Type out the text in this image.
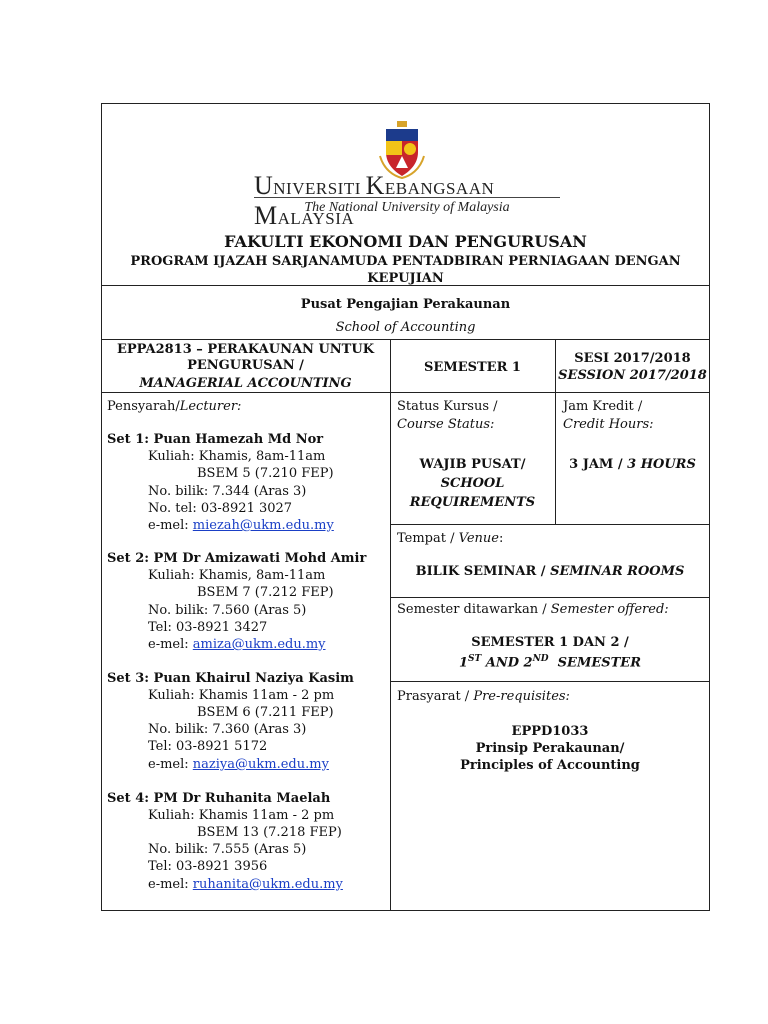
UNIVERSITI KEBANGSAAN MALAYSIA
The National University of Malaysia
FAKULTI EKONOMI DAN PENGURUSAN
PROGRAM IJAZAH SARJANAMUDA PENTADBIRAN PERNIAGAAN DENGAN KEPUJIAN
Pusat Pengajian Perakaunan
School of Accounting
EPPA2813 – PERAKAUNAN UNTUK
PENGURUSAN /
MANAGERIAL ACCOUNTING
SEMESTER 1
SESI 2017/2018
SESSION 2017/2018
Pensyarah/Lecturer:
Set 1: Puan Hamezah Md Nor
Kuliah: Khamis, 8am-11am
BSEM 5 (7.210 FEP)
No. bilik: 7.344 (Aras 3)
No. tel: 03-8921 3027
e-mel: miezah@ukm.edu.my
Set 2: PM Dr Amizawati Mohd Amir
Kuliah: Khamis, 8am-11am
BSEM 7 (7.212 FEP)
No. bilik: 7.560 (Aras 5)
Tel: 03-8921 3427
e-mel: amiza@ukm.edu.my
Set 3: Puan Khairul Naziya Kasim
Kuliah: Khamis 11am - 2 pm
BSEM 6 (7.211 FEP)
No. bilik: 7.360 (Aras 3)
Tel: 03-8921 5172
e-mel: naziya@ukm.edu.my
Set 4: PM Dr Ruhanita Maelah
Kuliah: Khamis 11am - 2 pm
BSEM 13 (7.218 FEP)
No. bilik: 7.555 (Aras 5)
Tel: 03-8921 3956
e-mel: ruhanita@ukm.edu.my
Status Kursus /
Course Status:
WAJIB PUSAT/
SCHOOL
REQUIREMENTS
Jam Kredit /
Credit Hours:
3 JAM / 3 HOURS
Tempat / Venue:
BILIK SEMINAR / SEMINAR ROOMS
Semester ditawarkan / Semester offered:
SEMESTER 1 DAN 2 /
1ST AND 2ND  SEMESTER
Prasyarat / Pre-requisites:
EPPD1033
Prinsip Perakaunan/
Principles of Accounting
